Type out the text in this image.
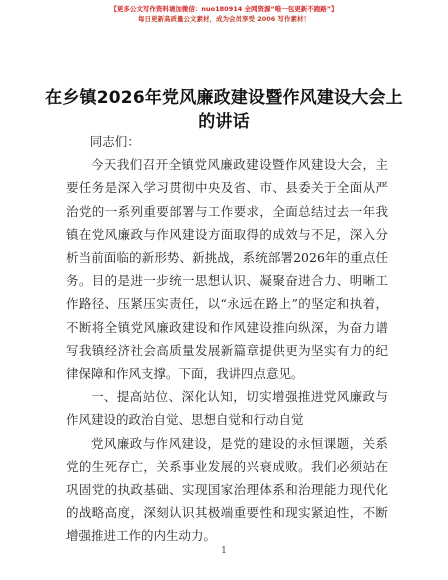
【更多公文写作资料请加微信：nuo180914 全网资源“唯一包更新不跑路”】
每日更新高质量公文素材，成为会员享受 2006 写作素材！
在乡镇2026年党风廉政建设暨作风建设大会上的讲话

同志们：

今天我们召开全镇党风廉政建设暨作风建设大会，主要任务是深入学习贯彻中央及省、市、县委关于全面从严治党的一系列重要部署与工作要求，全面总结过去一年我镇在党风廉政与作风建设方面取得的成效与不足，深入分析当前面临的新形势、新挑战，系统部署2026年的重点任务。目的是进一步统一思想认识、凝聚奋进合力、明晰工作路径、压紧压实责任，以“永远在路上”的坚定和执着，不断将全镇党风廉政建设和作风建设推向纵深，为奋力谱写我镇经济社会高质量发展新篇章提供更为坚实有力的纪律保障和作风支撑。下面，我讲四点意见。

一、提高站位、深化认知，切实增强推进党风廉政与作风建设的政治自觉、思想自觉和行动自觉

党风廉政与作风建设，是党的建设的永恒课题，关系党的生死存亡，关系事业发展的兴衰成败。我们必须站在巩固党的执政基础、实现国家治理体系和治理能力现代化的战略高度，深刻认识其极端重要性和现实紧迫性，不断增强推进工作的内生动力。

1
